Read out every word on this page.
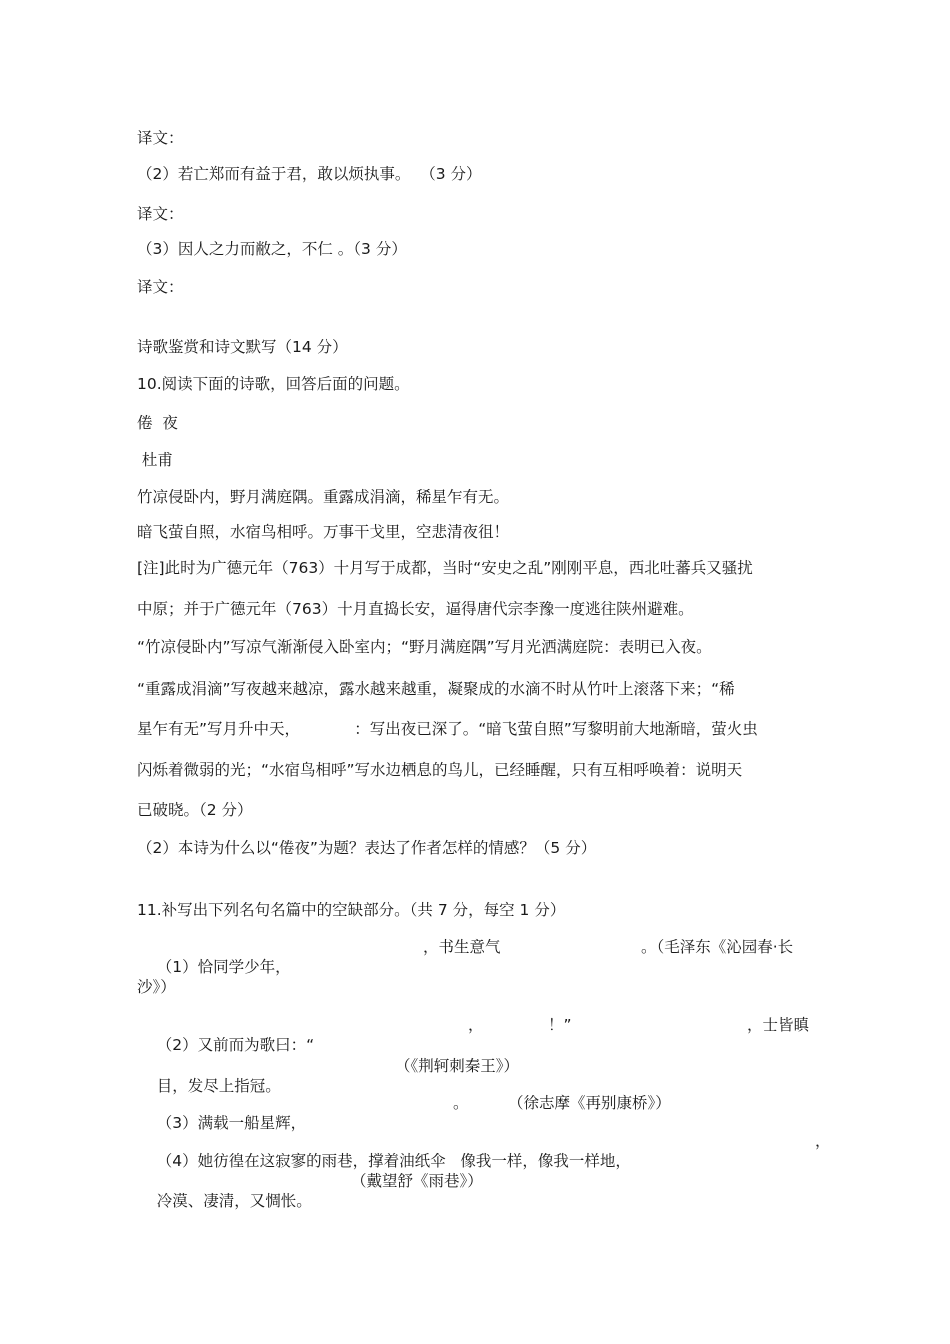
译文：
（2）若亡郑而有益于君，敢以烦执事。  （3 分）
译文：
（3）因人之力而敝之，不仁 。（3 分）
译文：
诗歌鉴赏和诗文默写（14 分）
10.阅读下面的诗歌，回答后面的问题。
倦  夜
杜甫
竹凉侵卧内，野月满庭隅。重露成涓滴，稀星乍有无。
暗飞萤自照，水宿鸟相呼。万事干戈里，空悲清夜徂！
[注]此时为广德元年（763）十月写于成都，当时“安史之乱”刚刚平息，西北吐蕃兵又骚扰
中原；并于广德元年（763）十月直捣长安，逼得唐代宗李豫一度逃往陕州避难。
“竹凉侵卧内”写凉气渐渐侵入卧室内；“野月满庭隅”写月光洒满庭院：表明已入夜。
“重露成涓滴”写夜越来越凉，露水越来越重，凝聚成的水滴不时从竹叶上滚落下来；“稀
星乍有无”写月升中天，           ：写出夜已深了。“暗飞萤自照”写黎明前大地渐暗，萤火虫
闪烁着微弱的光；“水宿鸟相呼”写水边栖息的鸟儿，已经睡醒，只有互相呼唤着：说明天
已破晓。（2 分）
（2）本诗为什么以“倦夜”为题？表达了作者怎样的情感？（5 分）
11.补写出下列名句名篇中的空缺部分。（共 7 分，每空 1 分）

（1）恰同学少年，

，书生意气

	。（毛泽东《沁园春·长

沙》）

（2）又前而为歌曰：“

，

	！”

	，士皆瞋

目，发尽上指冠。

（《荆轲刺秦王》）

（3）满载一船星辉，

。

	（徐志摩《再别康桥》）

（4）她彷徨在这寂寥的雨巷，撑着油纸伞   像我一样，像我一样地，

，

冷漠、凄清，又惆怅。

（戴望舒《雨巷》）
